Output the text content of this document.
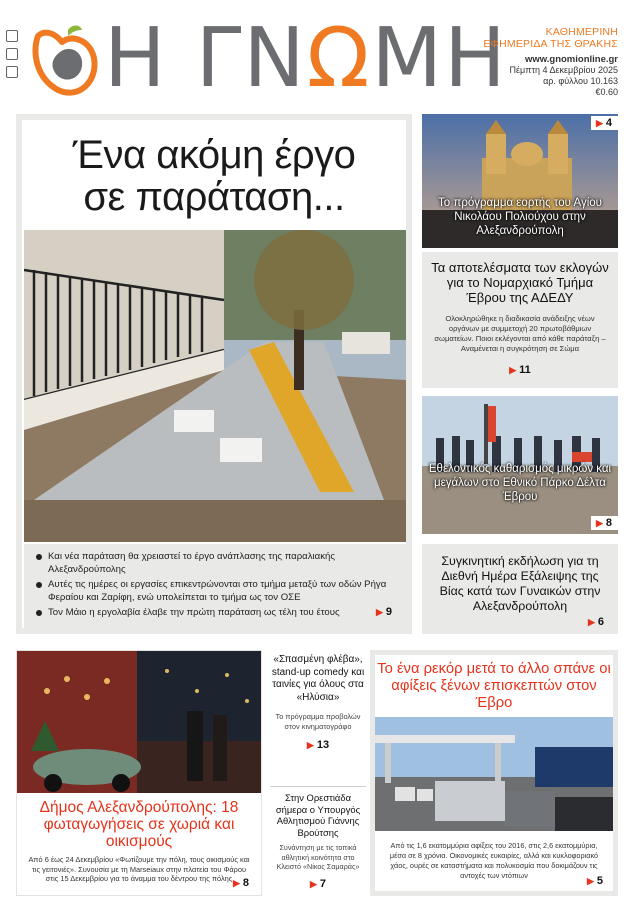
Η ΓΝΩΜΗ	ΚΑΘΗΜΕΡΙΝΗ
ΕΦΗΜΕΡΙΔΑ ΤΗΣ ΘΡΑΚΗΣ
www.gnomionline.gr
Πέμπτη 4 Δεκεμβρίου 2025
αρ. φύλλου 10.163
€0.60
Ένα ακόμη έργο
σε παράταση...
Και νέα παράταση θα χρειαστεί το έργο ανάπλασης της παραλιακής Αλεξανδρούπολης
Αυτές τις ημέρες οι εργασίες επικεντρώνονται στο τμήμα μεταξύ των οδών Ρήγα Φεραίου και Ζαρίφη, ενώ υπολείπεται το τμήμα ως τον ΟΣΕ
Τον Μάιο η εργολαβία έλαβε την πρώτη παράταση ως τέλη του έτους	▶ 9
▶ 4
Το πρόγραμμα εορτής του Αγίου Νικολάου Πολιούχου στην Αλεξανδρούπολη
Τα αποτελέσματα των εκλογών για το Νομαρχιακό Τμήμα Έβρου της ΑΔΕΔΥ

Ολοκληρώθηκε η διαδικασία ανάδειξης νέων οργάνων με συμμετοχή 20 πρωτοβάθμιων σωματείων. Ποιοι εκλέγονται από κάθε παράταξη – Αναμένεται η συγκρότηση σε Σώμα

▶ 11
Εθελοντικός καθαρισμός μικρών και μεγάλων στο Εθνικό Πάρκο Δέλτα Έβρου
▶ 8
Συγκινητική εκδήλωση για τη Διεθνή Ημέρα Εξάλειψης της Βίας κατά των Γυναικών στην Αλεξανδρούπολη
▶ 6
Δήμος Αλεξανδρούπολης: 18 φωταγωγήσεις σε χωριά και οικισμούς

Από 6 έως 24 Δεκεμβρίου «Φωτίζουμε την πόλη, τους οικισμούς και τις γειτονιές». Συνουσία με τη Marseiaux στην πλατεία του Φάρου στις 15 Δεκεμβρίου για το άναμμα του δέντρου της πόλης ▶ 8
«Σπασμένη φλέβα», stand-up comedy και ταινίες για όλους στα «Ηλύσια»

Το πρόγραμμα προβολών στον κινηματογράφο

▶ 13
Στην Ορεστιάδα σήμερα ο Υπουργός Αθλητισμού Γιάννης Βρούτσης

Συνάντηση με τις τοπικά αθλητική κοινότητα στο Κλειστό «Νίκος Σαμαράς»

▶ 7
Το ένα ρεκόρ μετά το άλλο σπάνε οι αφίξεις ξένων επισκεπτών στον Έβρο

Από τις 1,6 εκατομμύρια αφίξεις του 2016, στις 2,6 εκατομμύρια, μέσα σε 8 χρόνια. Οικονομικές ευκαιρίες, αλλά και κυκλοφοριακό χάος, ουρές σε καταστήματα και πολυκοσμία που δοκιμάζουν τις αντοχές των ντόπιων

▶ 5
